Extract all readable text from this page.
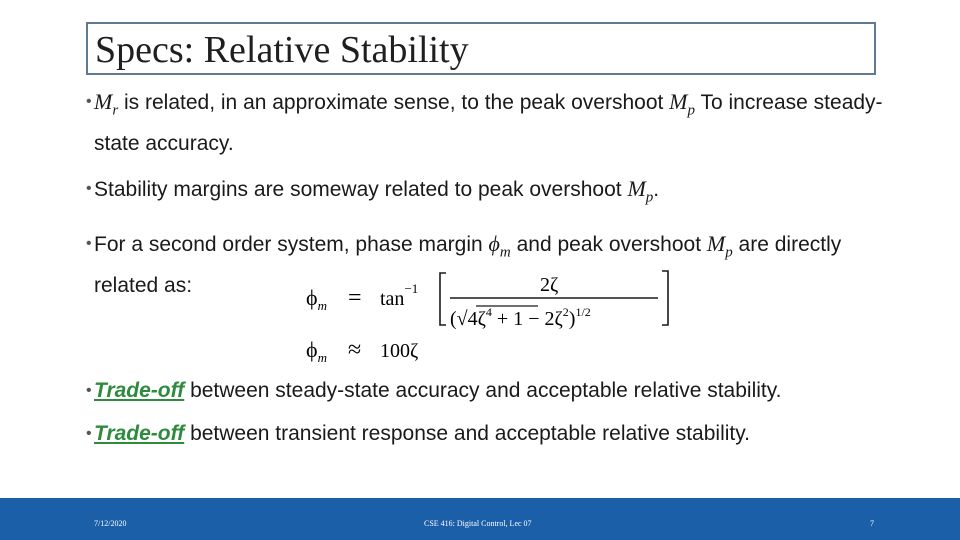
Specs: Relative Stability
• $M_r$ is related, in an approximate sense, to the peak overshoot $M_p$ To increase steady-state accuracy.
• Stability margins are someway related to peak overshoot $M_p$.
• For a second order system, phase margin $\phi_m$ and peak overshoot $M_p$ are directly related as:	$\phi_m = \tan^{-1}$	2ζ
$(√4\zeta^4 + 1 - 2\zeta^2)^{1/2}$
$\phi_m \approx 100\zeta$
• Trade-off between steady-state accuracy and acceptable relative stability.
• Trade-off between transient response and acceptable relative stability.
7/12/2020	CSE 416: Digital Control, Lec 07	7
